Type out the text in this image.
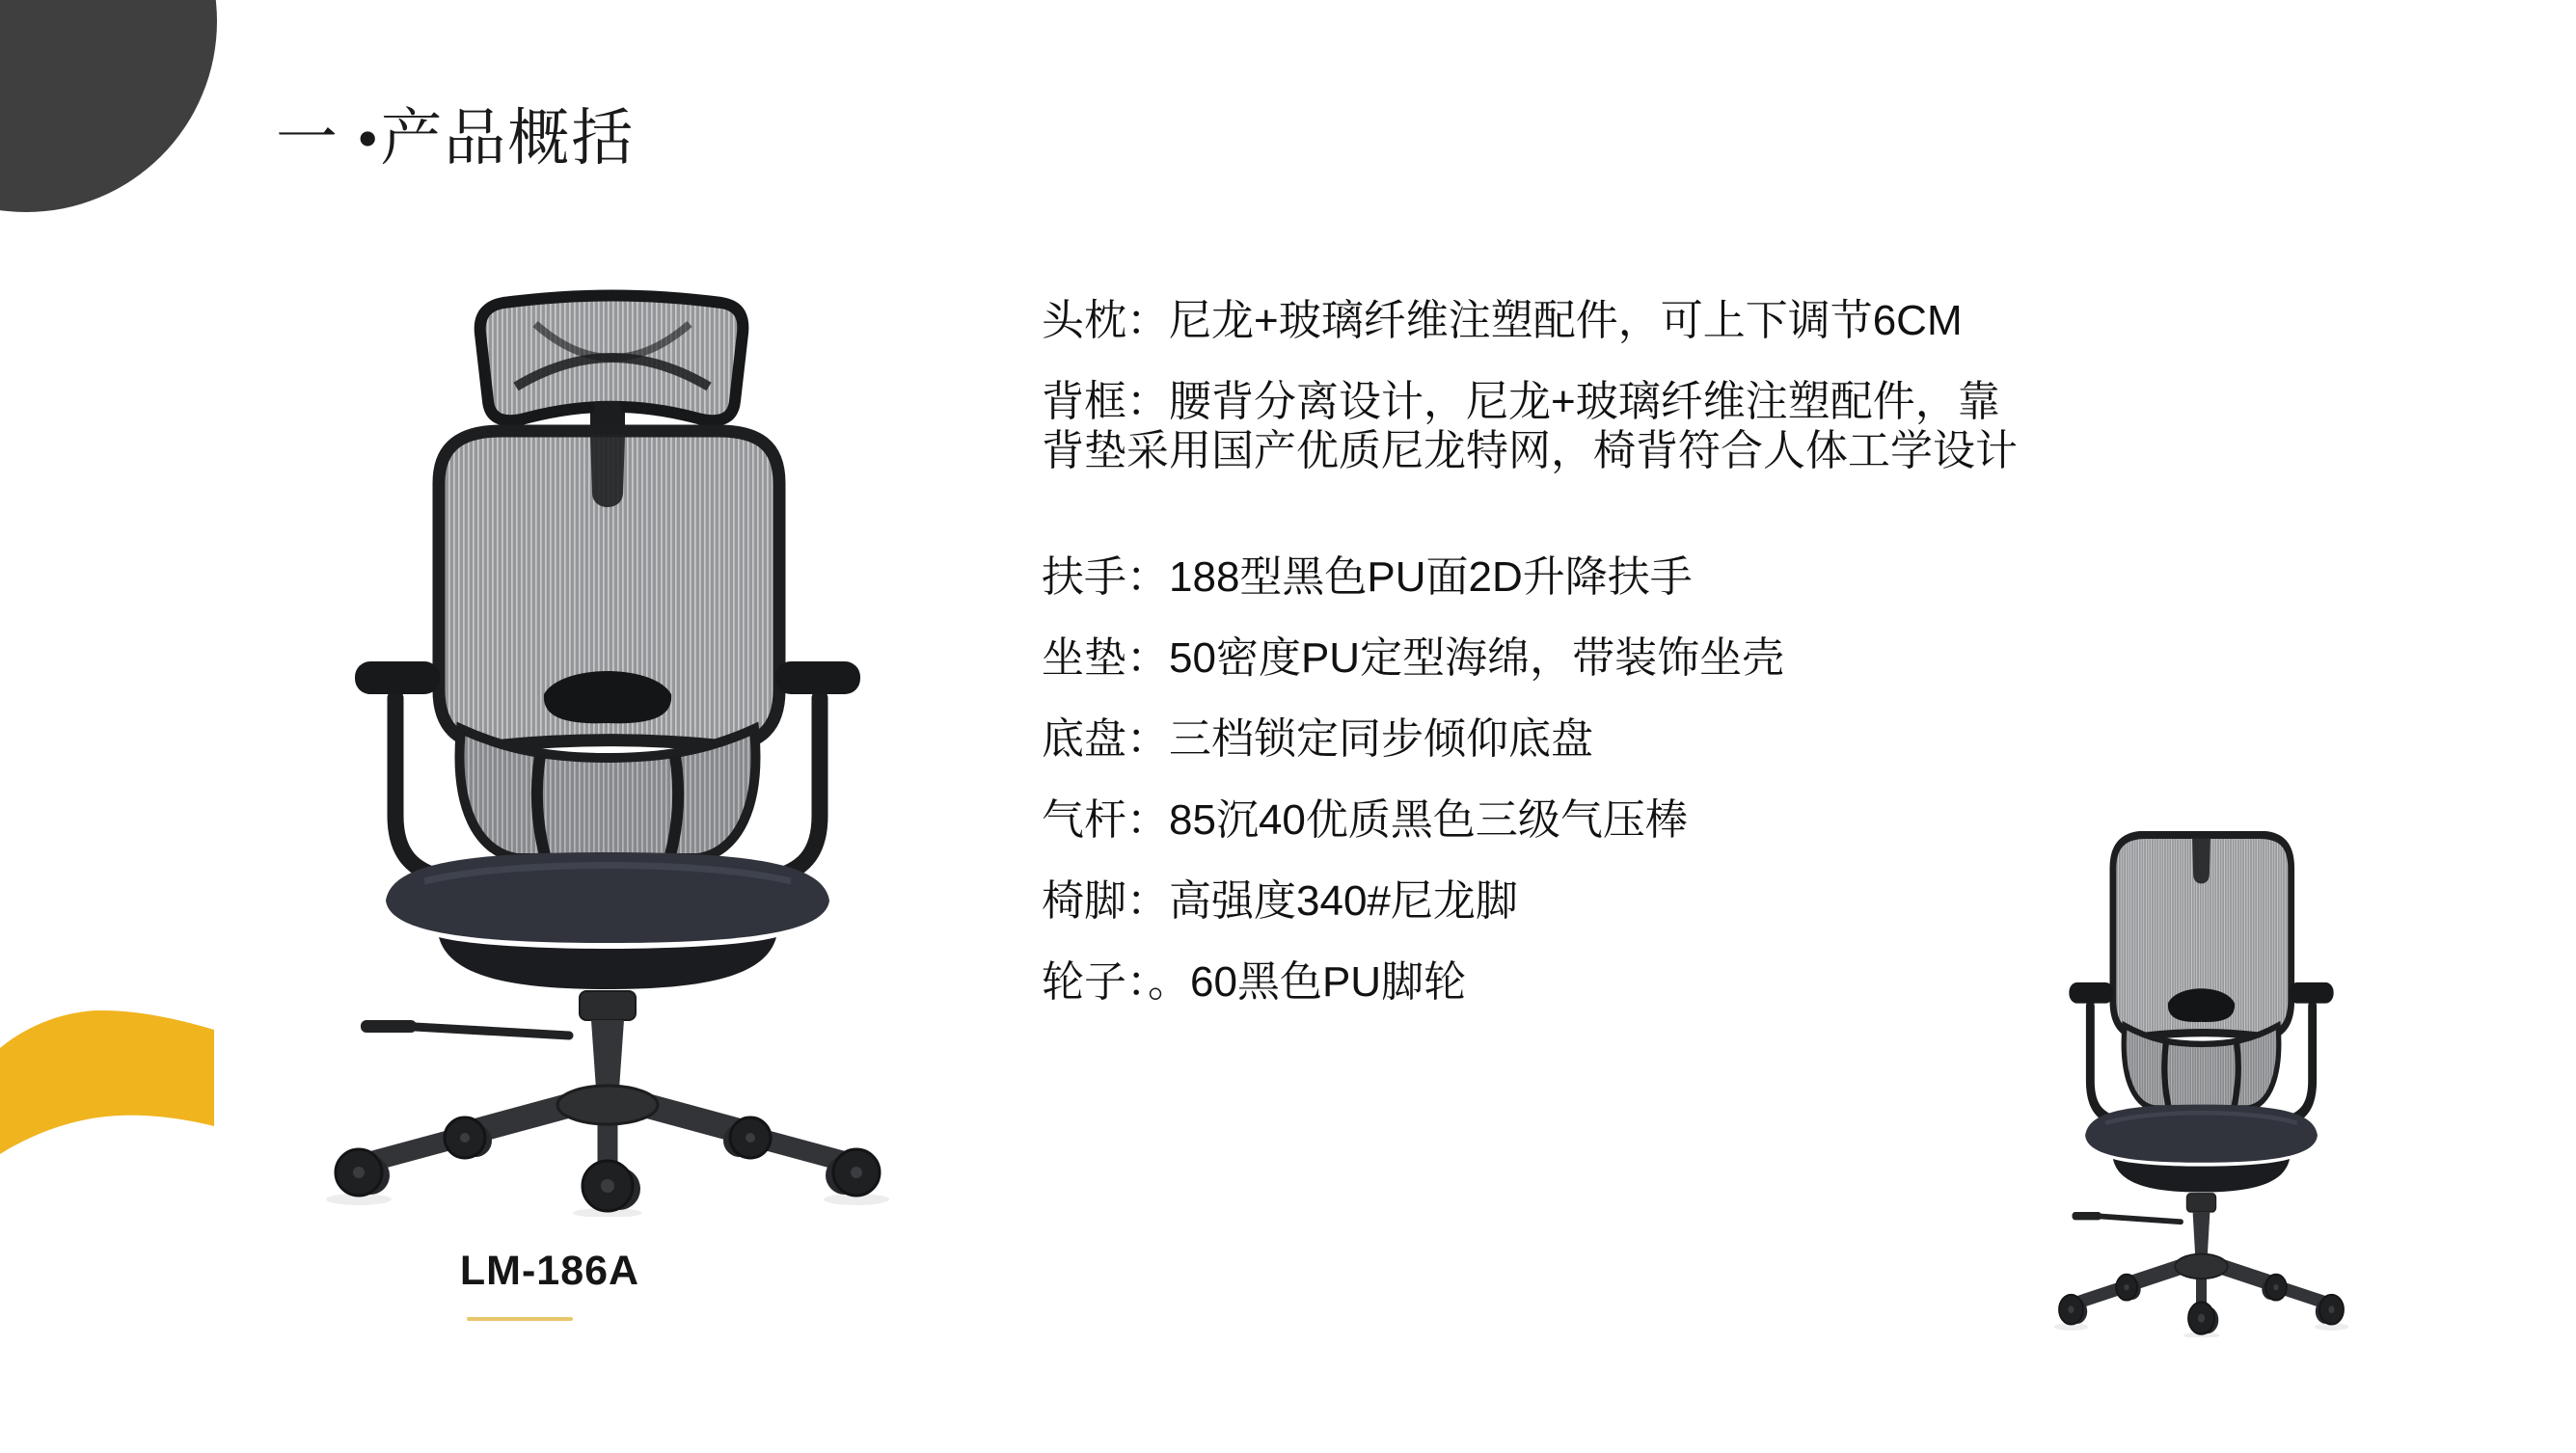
一 •产品概括
头枕：尼龙+玻璃纤维注塑配件，可上下调节6CM
背框：腰背分离设计，尼龙+玻璃纤维注塑配件，靠
背垫采用国产优质尼龙特网，椅背符合人体工学设计
扶手：188型黑色PU面2D升降扶手
坐垫：50密度PU定型海绵，带装饰坐壳
底盘：三档锁定同步倾仰底盘
气杆：85沉40优质黑色三级气压棒
椅脚：高强度340#尼龙脚
轮子：。60黑色PU脚轮
LM-186A
